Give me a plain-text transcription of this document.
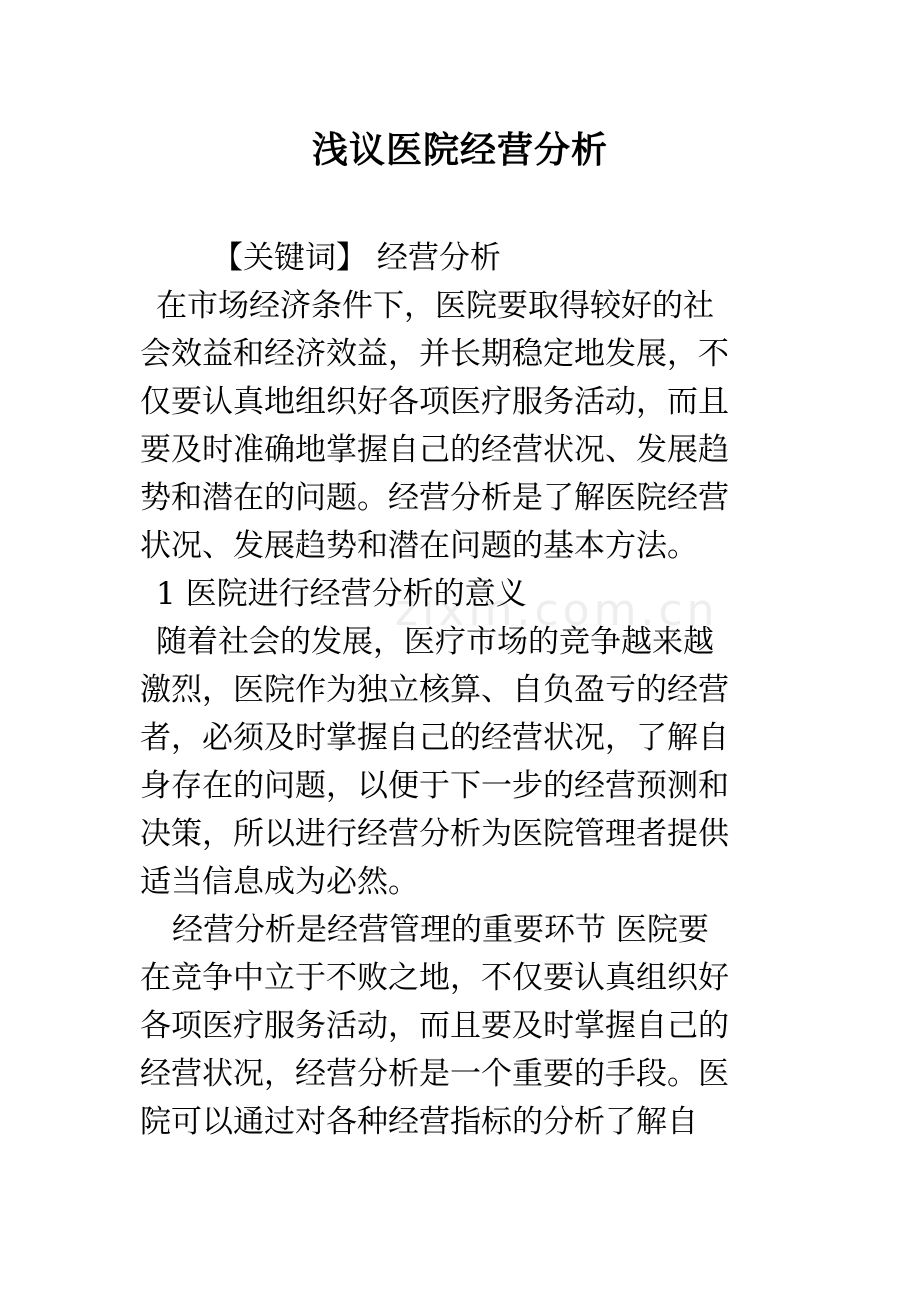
zixin.com.cn
浅议医院经营分析
【关键词】 经营分析
在市场经济条件下，医院要取得较好的社
会效益和经济效益，并长期稳定地发展，不
仅要认真地组织好各项医疗服务活动，而且
要及时准确地掌握自己的经营状况、发展趋
势和潜在的问题。经营分析是了解医院经营
状况、发展趋势和潜在问题的基本方法。
1 医院进行经营分析的意义
随着社会的发展，医疗市场的竞争越来越
激烈，医院作为独立核算、自负盈亏的经营
者，必须及时掌握自己的经营状况，了解自
身存在的问题，以便于下一步的经营预测和
决策，所以进行经营分析为医院管理者提供
适当信息成为必然。
经营分析是经营管理的重要环节 医院要
在竞争中立于不败之地，不仅要认真组织好
各项医疗服务活动，而且要及时掌握自己的
经营状况，经营分析是一个重要的手段。医
院可以通过对各种经营指标的分析了解自
